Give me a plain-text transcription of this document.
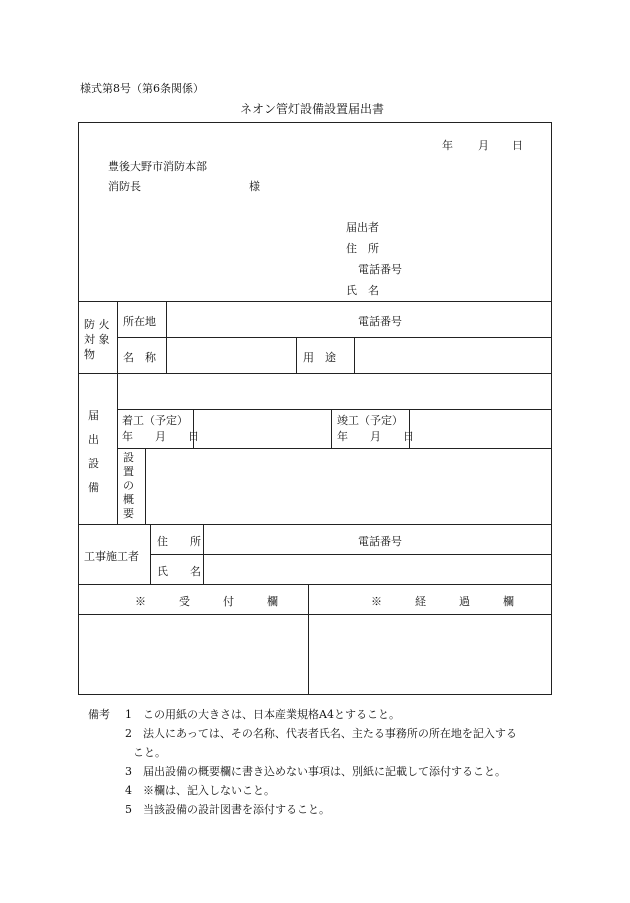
様式第8号（第6条関係）
ネオン管灯設備設置届出書
年 月 日
豊後大野市消防本部
消防長	様
届出者
住　所
電話番号
氏　名
防 火
対 象
物
所在地	電話番号
名　称	用　途
届
出
設
備
着工（予定）
年　　月　　日
竣工（予定）
年　　月　　日
設
置
の
概
要
工事施工者
住　　所	電話番号
氏　　名
※　　　受　　　付　　　欄	※　　　経　　　過　　　欄
備考 1　 この用紙の大きさは、日本産業規格A4とすること。
2　 法人にあっては、その名称、代表者氏名、主たる事務所の所在地を記入する
こと。
3　 届出設備の概要欄に書き込めない事項は、別紙に記載して添付すること。
4　 ※欄は、記入しないこと。
5　 当該設備の設計図書を添付すること。
